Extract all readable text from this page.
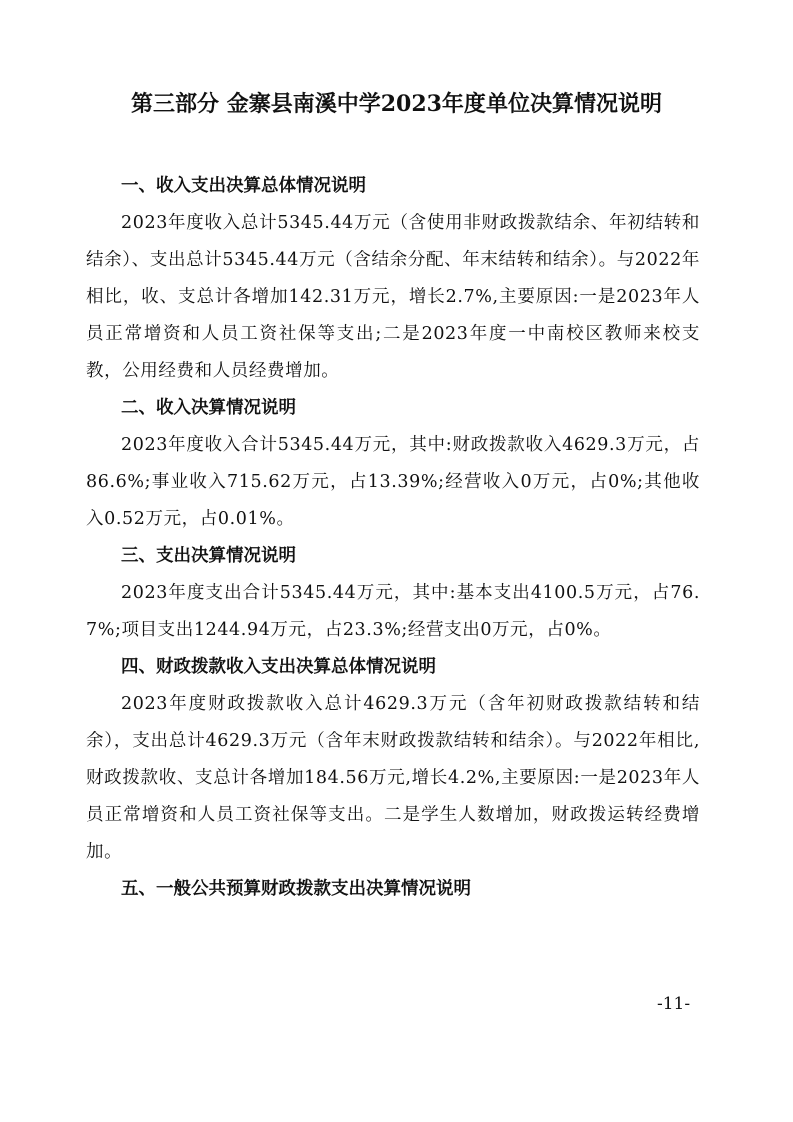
第三部分 金寨县南溪中学2023年度单位决算情况说明
一、收入支出决算总体情况说明

2023年度收入总计5345.44万元（含使用非财政拨款结余、年初结转和结余）、支出总计5345.44万元（含结余分配、年末结转和结余）。与2022年相比，收、支总计各增加142.31万元，增长2.7%,主要原因:一是2023年人员正常增资和人员工资社保等支出;二是2023年度一中南校区教师来校支教，公用经费和人员经费增加。

二、收入决算情况说明

2023年度收入合计5345.44万元，其中:财政拨款收入4629.3万元，占86.6%;事业收入715.62万元，占13.39%;经营收入0万元，占0%;其他收入0.52万元，占0.01%。

三、支出决算情况说明

2023年度支出合计5345.44万元，其中:基本支出4100.5万元，占76.7%;项目支出1244.94万元，占23.3%;经营支出0万元，占0%。

四、财政拨款收入支出决算总体情况说明

2023年度财政拨款收入总计4629.3万元（含年初财政拨款结转和结余），支出总计4629.3万元（含年末财政拨款结转和结余）。与2022年相比,财政拨款收、支总计各增加184.56万元,增长4.2%,主要原因:一是2023年人员正常增资和人员工资社保等支出。二是学生人数增加，财政拨运转经费增加。

五、一般公共预算财政拨款支出决算情况说明
-11-
